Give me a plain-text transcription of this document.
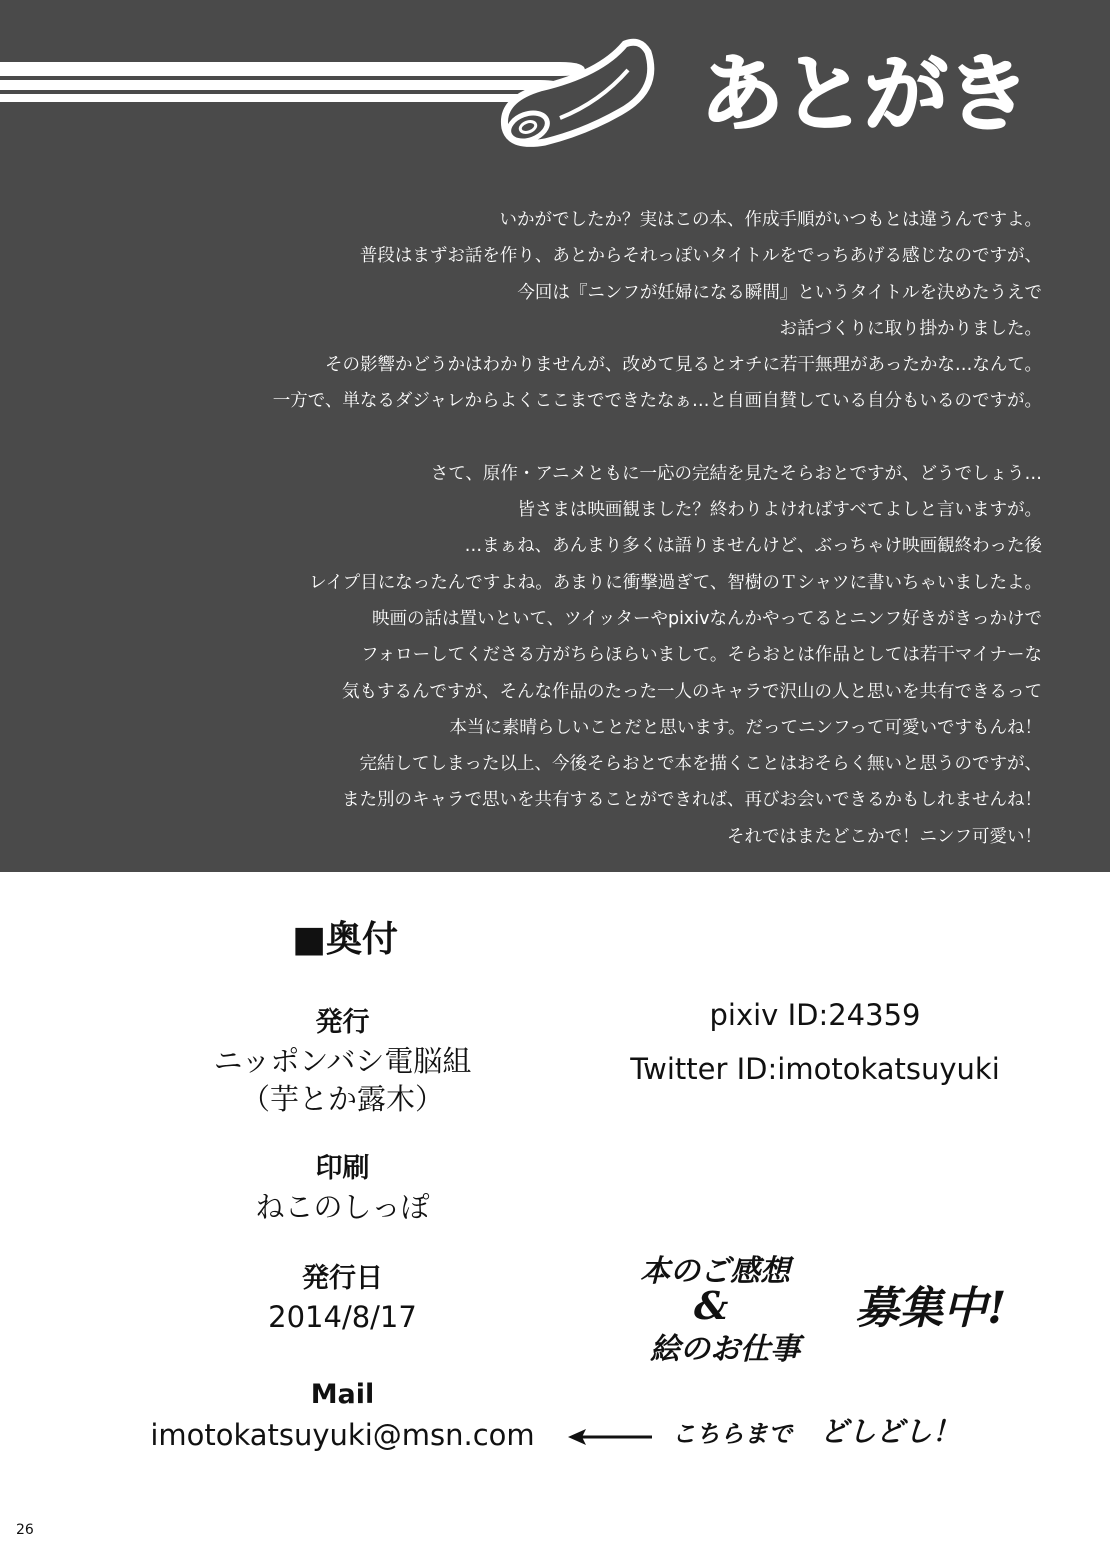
あとがき
いかがでしたか？実はこの本、作成手順がいつもとは違うんですよ。
普段はまずお話を作り、あとからそれっぽいタイトルをでっちあげる感じなのですが、
今回は『ニンフが妊婦になる瞬間』というタイトルを決めたうえで
お話づくりに取り掛かりました。
その影響かどうかはわかりませんが、改めて見るとオチに若干無理があったかな…なんて。
一方で、単なるダジャレからよくここまでできたなぁ…と自画自賛している自分もいるのですが。
さて、原作・アニメともに一応の完結を見たそらおとですが、どうでしょう…
皆さまは映画観ました？終わりよければすべてよしと言いますが。
…まぁね、あんまり多くは語りませんけど、ぶっちゃけ映画観終わった後
レイプ目になったんですよね。あまりに衝撃過ぎて、智樹のＴシャツに書いちゃいましたよ。
映画の話は置いといて、ツイッターやpixivなんかやってるとニンフ好きがきっかけで
フォローしてくださる方がちらほらいまして。そらおとは作品としては若干マイナーな
気もするんですが、そんな作品のたった一人のキャラで沢山の人と思いを共有できるって
本当に素晴らしいことだと思います。だってニンフって可愛いですもんね！
完結してしまった以上、今後そらおとで本を描くことはおそらく無いと思うのですが、
また別のキャラで思いを共有することができれば、再びお会いできるかもしれませんね！
それではまたどこかで！ニンフ可愛い！
■奥付
発行
ニッポンバシ電脳組
（芋とか露木）
印刷
ねこのしっぽ
発行日
2014/8/17
Mail
imotokatsuyuki@msn.com
pixiv ID:24359
Twitter ID:imotokatsuyuki
本のご感想
&
絵のお仕事
募集中!
こちらまで どしどし！
26
